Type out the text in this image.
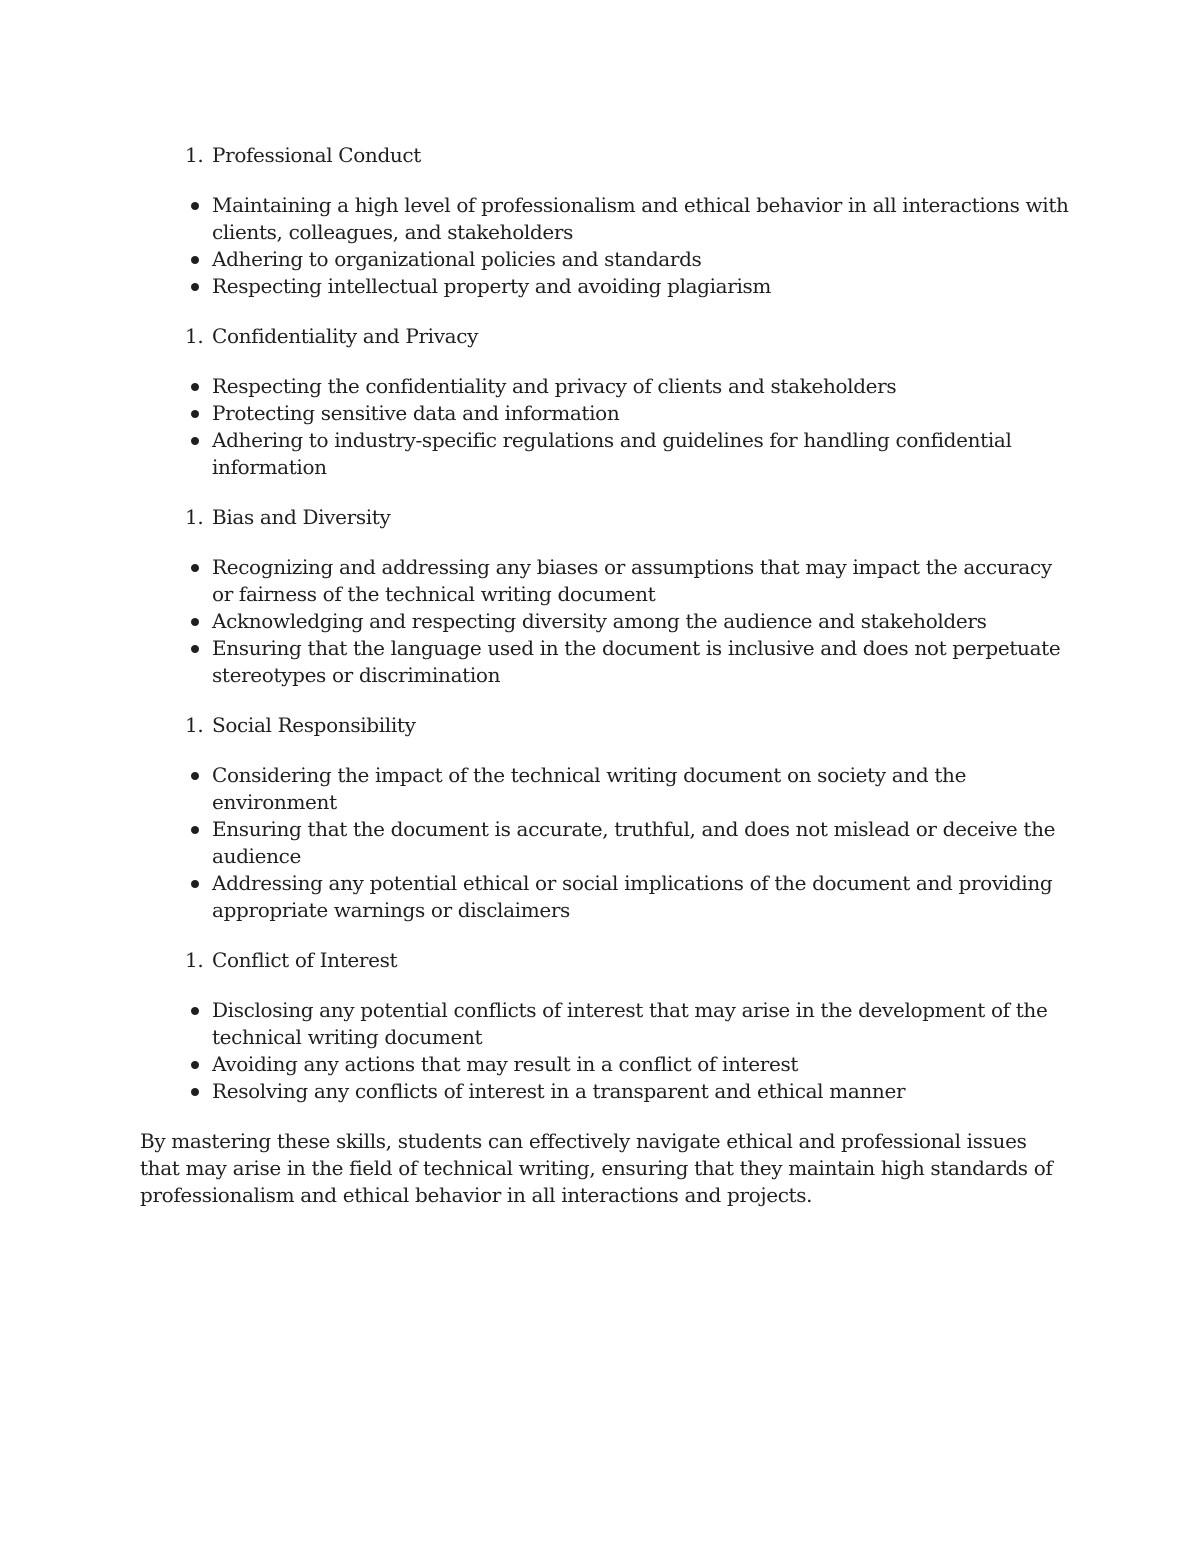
1. Professional Conduct
Maintaining a high level of professionalism and ethical behavior in all interactions with clients, colleagues, and stakeholders
Adhering to organizational policies and standards
Respecting intellectual property and avoiding plagiarism
1. Confidentiality and Privacy
Respecting the confidentiality and privacy of clients and stakeholders
Protecting sensitive data and information
Adhering to industry-specific regulations and guidelines for handling confidential information
1. Bias and Diversity
Recognizing and addressing any biases or assumptions that may impact the accuracy or fairness of the technical writing document
Acknowledging and respecting diversity among the audience and stakeholders
Ensuring that the language used in the document is inclusive and does not perpetuate stereotypes or discrimination
1. Social Responsibility
Considering the impact of the technical writing document on society and the environment
Ensuring that the document is accurate, truthful, and does not mislead or deceive the audience
Addressing any potential ethical or social implications of the document and providing appropriate warnings or disclaimers
1. Conflict of Interest
Disclosing any potential conflicts of interest that may arise in the development of the technical writing document
Avoiding any actions that may result in a conflict of interest
Resolving any conflicts of interest in a transparent and ethical manner

By mastering these skills, students can effectively navigate ethical and professional issues that may arise in the field of technical writing, ensuring that they maintain high standards of professionalism and ethical behavior in all interactions and projects.
